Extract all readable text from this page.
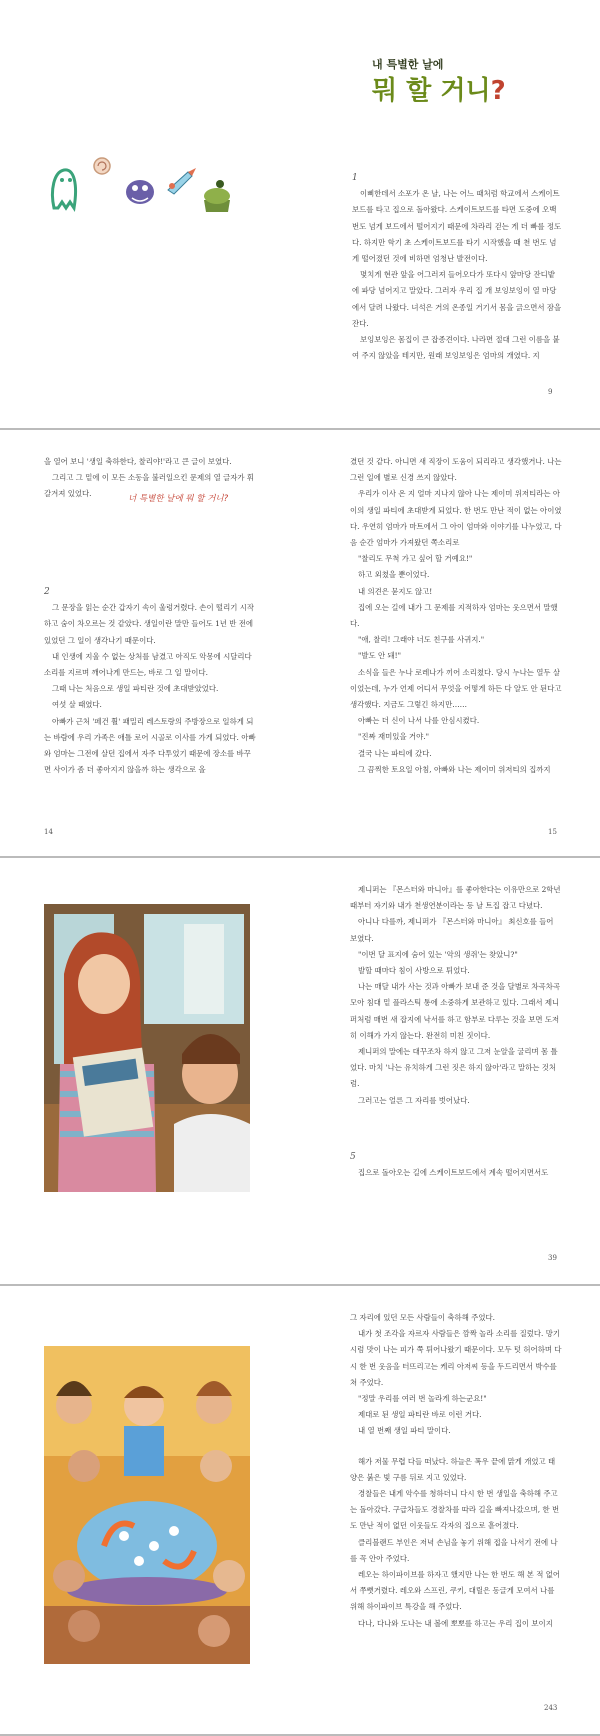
내 특별한 날에
뭐 할 거니?

1

이삐한데서 소포가 온 날, 나는 어느 때처럼 학교에서 스케이트보드를 타고 집으로 돌아왔다. 스케이트보드를 타면 도중에 오백 번도 넘게 보드에서 떨어지기 때문에 차라리 걷는 게 더 빠를 정도다. 하지만 학기 초 스케이트보드를 타기 시작했을 때 천 번도 넘게 떨어졌던 것에 비하면 엄청난 발전이다.

몇치게 현관 앞을 어그러져 들어오다가 또다시 앞마당 잔디밭에 파당 넘어지고 말았다. 그러자 우리 집 개 보잉보잉이 열 마당에서 달려 나왔다. 녀석은 거의 온종일 거기서 몸을 긁으면서 잠을 잔다.

보잉보잉은 몸집이 큰 잡종견이다. 나라면 절대 그런 이름을 붙여 주지 않았을 테지만, 원래 보잉보잉은 엄마의 개였다. 지

9

을 열어 보니 '생일 축하한다, 찰리야!'라고 큰 글이 보였다.

그리고 그 밑에 이 모든 소동을 불러일으킨 문제의 열 글자가 휘갈겨져 있었다.

너 특별한 날에 뭐 할 거니?

2

그 문장을 읽는 순간 갑자기 속이 울렁거렸다. 손이 떨리기 시작하고 숨이 차오르는 것 같았다. 생일이란 말만 들어도 1년 반 전에 있었던 그 일이 생각나기 때문이다.

내 인생에 지울 수 없는 상처를 남겼고 아직도 악몽에 시달리다 소리를 지르며 깨어나게 만드는, 바로 그 일 말이다.

그때 나는 처음으로 생일 파티란 것에 초대받았었다.

여섯 살 때였다.

아빠가 근처 '페건 휠' 패밀리 레스토랑의 주방장으로 일하게 되는 바람에 우리 가족은 애틀 로어 시골로 이사를 가게 되었다. 아빠와 엄마는 그전에 살던 집에서 자주 다투었기 때문에 장소를 바꾸면 사이가 좀 더 좋아지지 않을까 하는 생각으로 올

14

겼던 것 같다. 아니면 새 직장이 도움이 되리라고 생각했거나. 나는 그런 일에 별로 신경 쓰지 않았다.

우리가 이사 온 지 얼마 지나지 않아 나는 제이미 위저티라는 아이의 생일 파티에 초대받게 되었다. 한 번도 만난 적이 없는 아이였다. 우연히 엄마가 마트에서 그 아이 엄마와 이야기를 나누었고, 다음 순간 엄마가 가져왔던 쪽소리로

"찰리도 무척 가고 싶어 할 거예요!"

하고 외쳤을 뿐이었다.

내 의견은 묻지도 않고!

집에 오는 길에 내가 그 문제를 지적하자 엄마는 웃으면서 말했다.

"애, 찰리! 그래야 너도 친구를 사귀지."

"발도 안 돼!"

소식을 들은 누나 로레나가 끼어 소리쳤다. 당시 누나는 열두 살이었는데, 누가 언제 어디서 무엇을 어떻게 하든 다 알도 안 된다고 생각했다. 지금도 그렇긴 하지만……

아빠는 더 신이 나서 나를 안심시켰다.

"진짜 재미있을 거야."

결국 나는 파티에 갔다.

그 끔찍한 토요일 아침, 아빠와 나는 제이미 위저티의 집까지

15

제니퍼는 『몬스터와 마니아』를 좋아한다는 이유만으로 2학년 때부터 자기와 내가 천생연분이라는 등 날 트집 잡고 다녔다.

아니나 다를까, 제니퍼가 『몬스터와 마니아』 최신호를 들어 보였다.

"이번 달 표지에 숨어 있는 '악의 생쥐'는 찾았니?"

발할 때마다 침이 사방으로 튀었다.

나는 매달 내가 사는 것과 아빠가 보내 준 것을 달별로 차곡차곡 모아 침대 밑 플라스틱 통에 소중하게 보관하고 있다. 그래서 제니퍼처럼 매번 새 잡지에 낙서를 하고 함부로 다루는 것을 보면 도저히 이해가 가지 않는다. 완전히 미친 짓이다.

제니퍼의 말에는 대꾸조차 하지 않고 그저 눈알을 굴리며 몸 틀었다. 마치 '나는 유치하게 그런 짓은 하지 않아'라고 말하는 것처럼.

그러고는 얼른 그 자리를 벗어났다.

5

집으로 돌아오는 길에 스케이트보드에서 계속 떨어지면서도

39

그 자리에 있던 모든 사람들이 축하해 주었다.

내가 첫 조각을 자르자 사람들은 깜짝 놀라 소리를 질렀다. 망기 시럼 맛이 나는 피가 쭉 튀어나왔기 때문이다. 모두 텃 허어하며 다시 한 번 웃음을 터뜨리고는 케리 아저씨 등을 두드리면서 박수를 쳐 주었다.

"정말 우리를 여러 번 놀라게 하는군요!"

제대로 된 생일 파티란 바로 이런 거다.

내 열 번째 생일 파티 말이다.

해가 저물 무렵 다들 떠났다. 하늘은 폭우 끝에 맑게 개었고 태양은 붉은 빛 구름 뒤로 지고 있었다.

경찰들은 내게 악수를 청하더니 다시 한 번 생일을 축하해 주고는 돌아갔다. 구급차들도 경찰차를 따라 길을 빠져나갔으며, 한 번도 만난 적이 없던 이웃들도 각자의 집으로 흩어졌다.

클리블랜드 부인은 저녁 손님을 놓기 위해 접을 나서기 전에 나를 꼭 안아 주었다.

레오는 하이파이브를 하자고 했지만 나는 한 번도 해 본 적 없어서 쭈뼛거렸다. 레오와 스프린, 쿠키, 대릴은 동글게 모여서 나를 위해 하이파이브 특강을 해 주었다.

다나, 다나와 도나는 내 볼에 뽀뽀를 하고는 우리 집이 보이지

243
